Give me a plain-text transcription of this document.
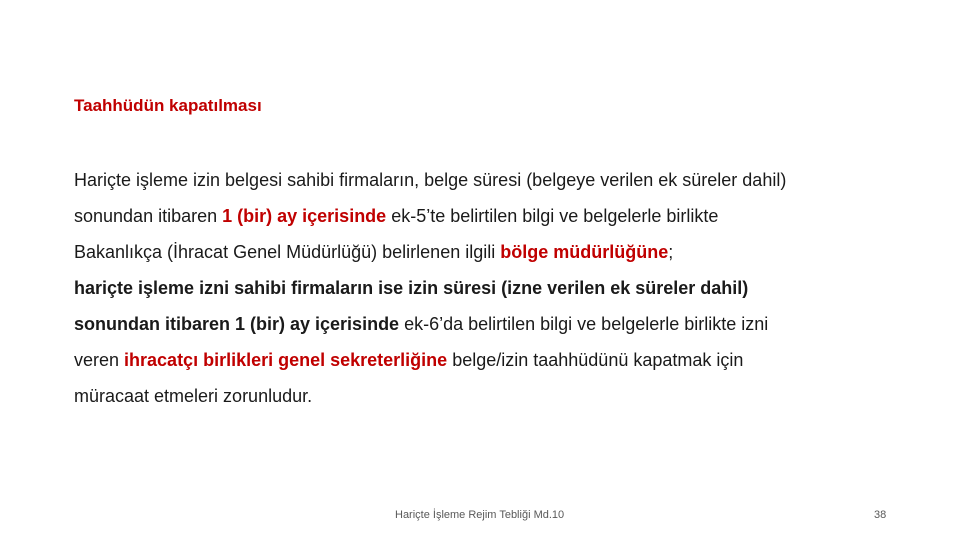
Taahhüdün kapatılması
Hariçte işleme izin belgesi sahibi firmaların, belge süresi (belgeye verilen ek süreler dahil)
sonundan itibaren 1 (bir) ay içerisinde ek-5’te belirtilen bilgi ve belgelerle birlikte
Bakanlıkça (İhracat Genel Müdürlüğü) belirlenen ilgili bölge müdürlüğüne;
hariçte işleme izni sahibi firmaların ise izin süresi (izne verilen ek süreler dahil)
sonundan itibaren 1 (bir) ay içerisinde ek-6’da belirtilen bilgi ve belgelerle birlikte izni
veren ihracatçı birlikleri genel sekreterliğine belge/izin taahhüdünü kapatmak için
müracaat etmeleri zorunludur.
Hariçte İşleme Rejim Tebliği Md.10	38
